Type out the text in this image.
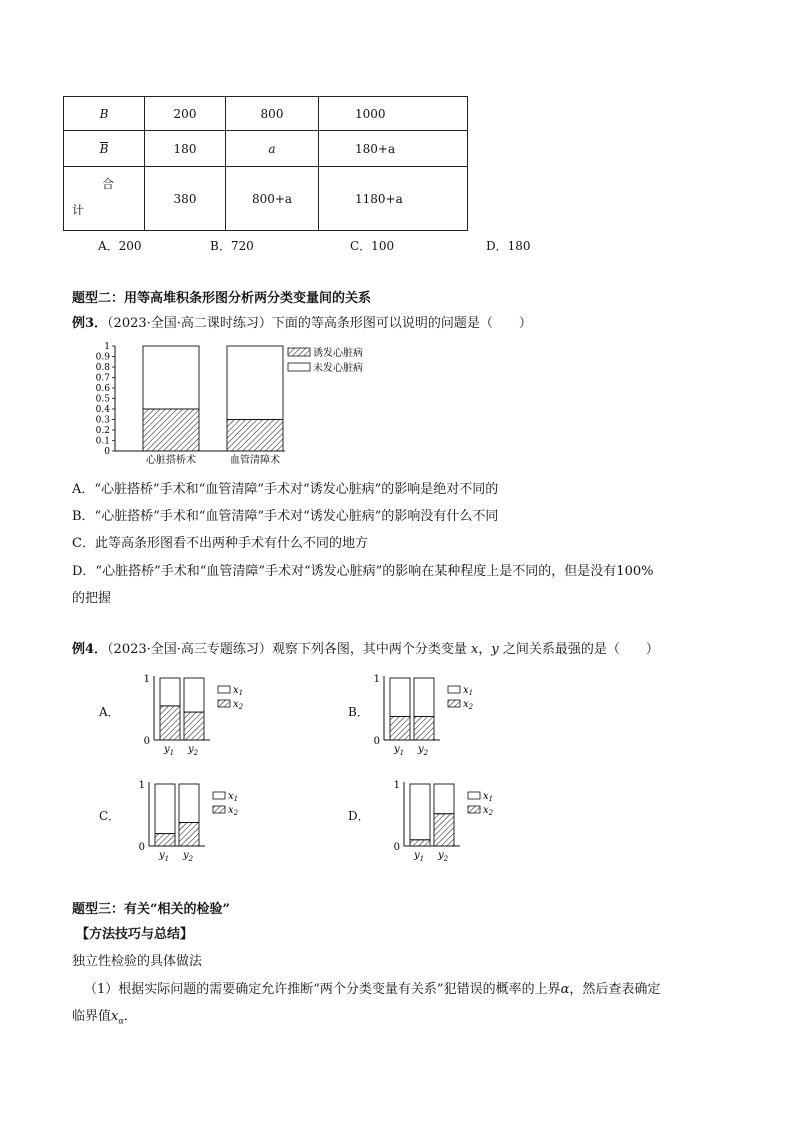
B	200	800	1000
B	180	a	180+a

合
计	380	800+a	1180+a
A．200	B．720	C．100	D．180
题型二：用等高堆积条形图分析两分类变量间的关系
例3．（2023·全国·高二课时练习）下面的等高条形图可以说明的问题是（　　）
0
0.1
0.2
0.3
0.4
0.5
0.6
0.7
0.8
0.9
1
心脏搭桥术	血管清障术
诱发心脏病
未发心脏病
A．“心脏搭桥”手术和“血管清障”手术对“诱发心脏病”的影响是绝对不同的
B．“心脏搭桥”手术和“血管清障”手术对“诱发心脏病”的影响没有什么不同
C．此等高条形图看不出两种手术有什么不同的地方
D．“心脏搭桥”手术和“血管清障”手术对“诱发心脏病”的影响在某种程度上是不同的，但是没有100%
的把握
例4．（2023·全国·高三专题练习）观察下列各图，其中两个分类变量 x，y 之间关系最强的是（　　）
A．
1
0
$y_1$ $y_2$
$x_1$
$x_2$	B．
1
0
$y_1$ $y_2$
$x_1$
$x_2$
C．
1
0
$y_1$ $y_2$
$x_1$
$x_2$	D．
1
0
$y_1$ $y_2$
$x_1$
$x_2$
题型三：有关“相关的检验”
【方法技巧与总结】
独立性检验的具体做法
（1）根据实际问题的需要确定允许推断“两个分类变量有关系”犯错误的概率的上界α，然后查表确定
临界值$x_\alpha$．
